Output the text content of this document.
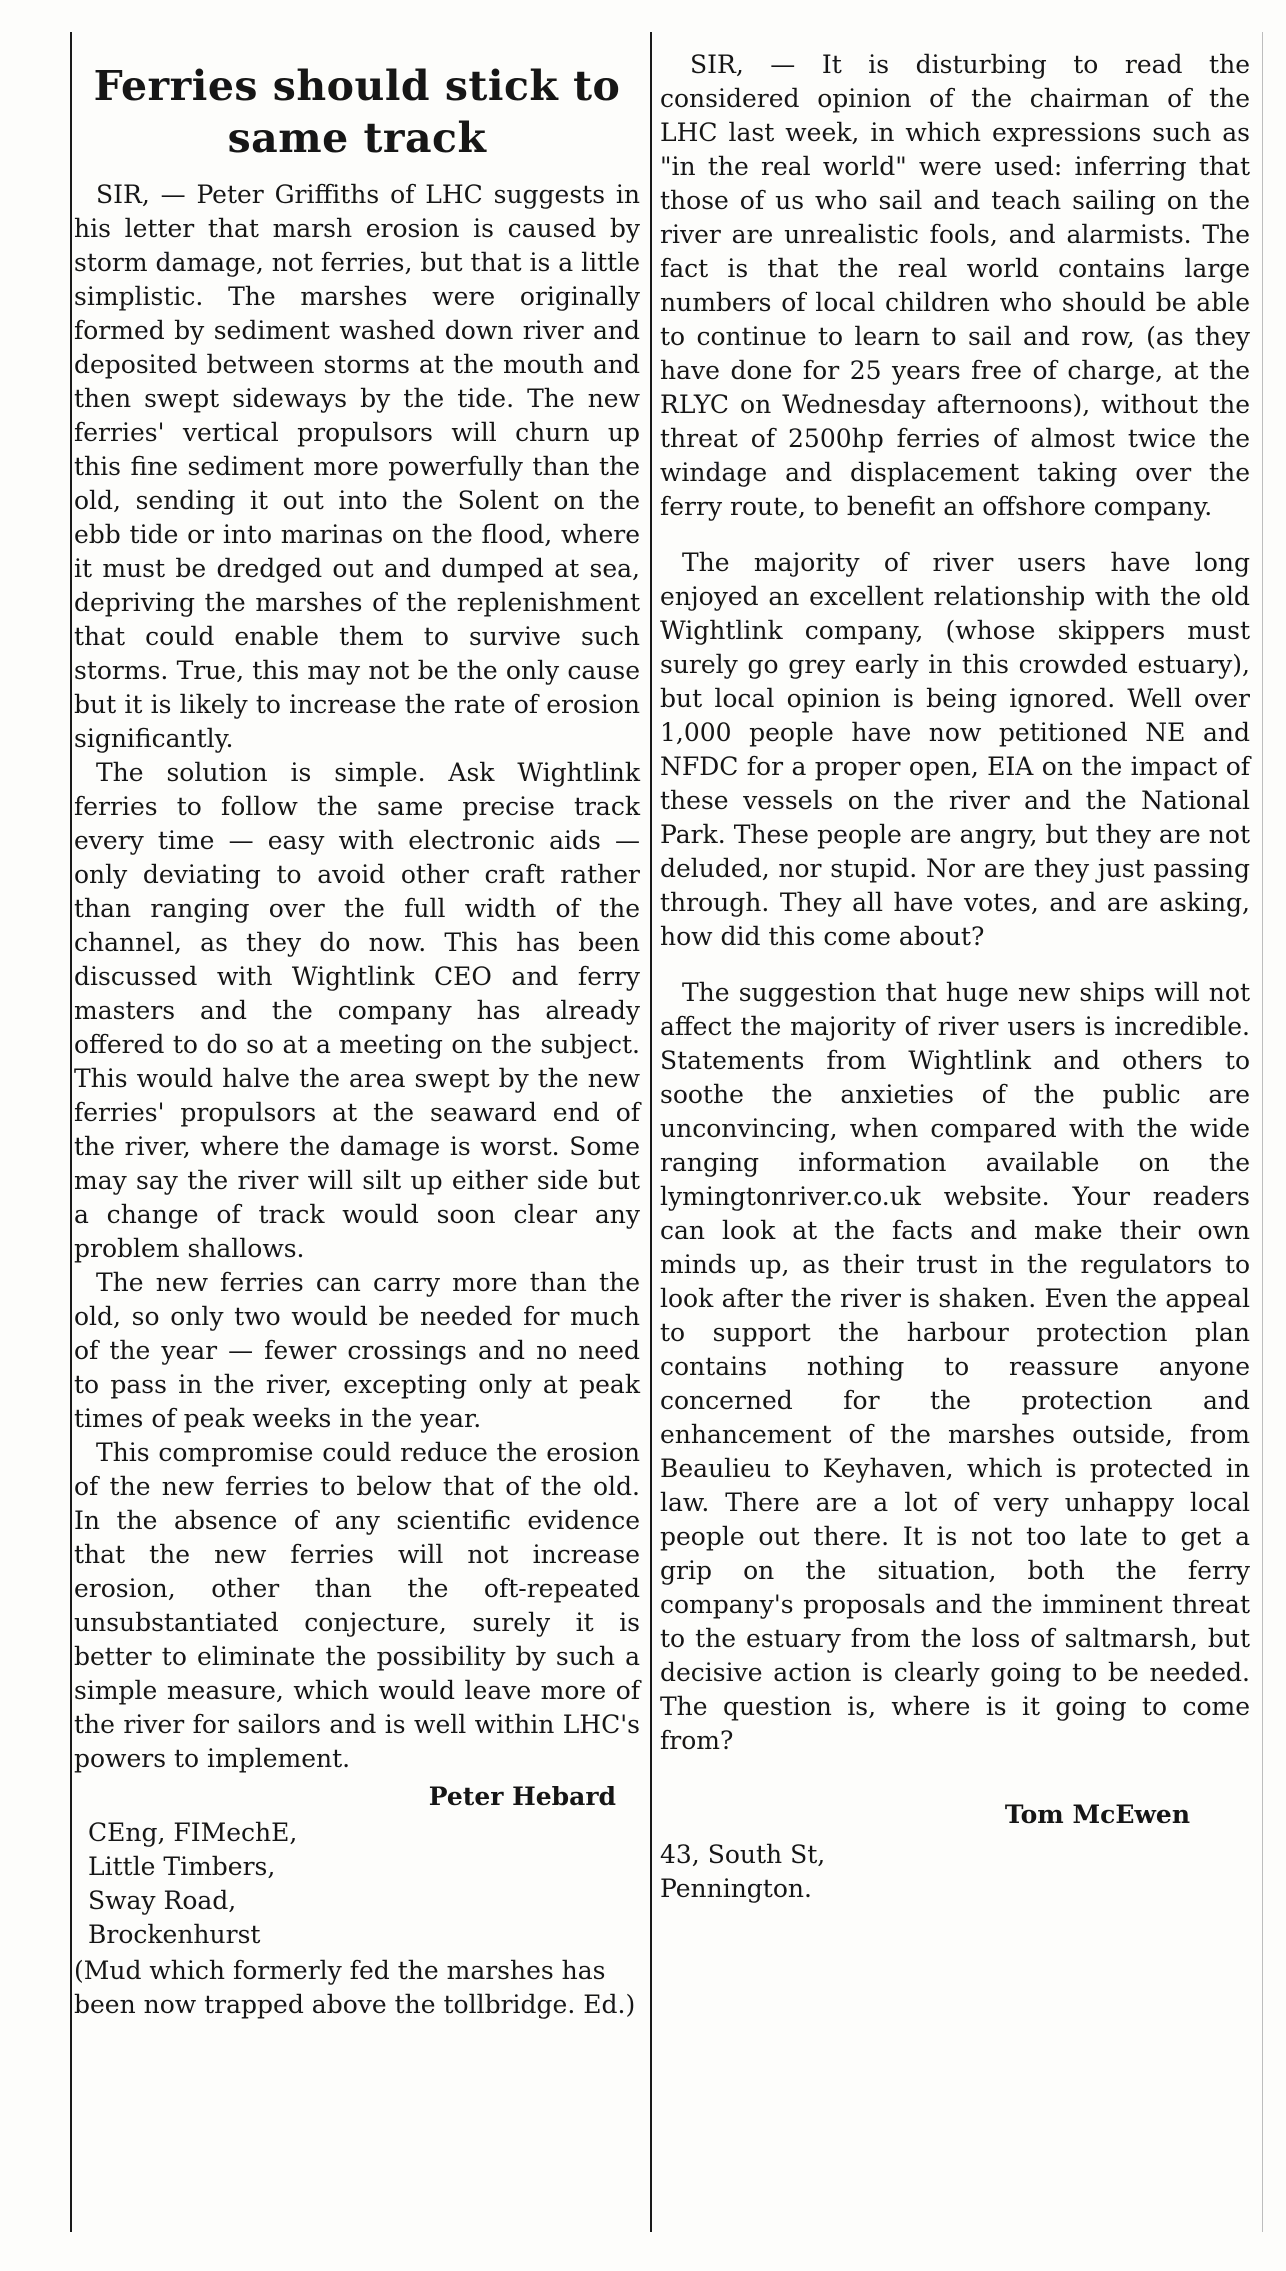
Ferries should stick to same track

SIR, — Peter Griffiths of LHC suggests in his letter that marsh erosion is caused by storm damage, not ferries, but that is a little simplistic. The marshes were originally formed by sediment washed down river and deposited between storms at the mouth and then swept sideways by the tide. The new ferries' vertical propulsors will churn up this fine sediment more powerfully than the old, sending it out into the Solent on the ebb tide or into marinas on the flood, where it must be dredged out and dumped at sea, depriving the marshes of the replenishment that could enable them to survive such storms. True, this may not be the only cause but it is likely to increase the rate of erosion significantly.

The solution is simple. Ask Wightlink ferries to follow the same precise track every time — easy with electronic aids — only deviating to avoid other craft rather than ranging over the full width of the channel, as they do now. This has been discussed with Wightlink CEO and ferry masters and the company has already offered to do so at a meeting on the subject. This would halve the area swept by the new ferries' propulsors at the seaward end of the river, where the damage is worst. Some may say the river will silt up either side but a change of track would soon clear any problem shallows.

The new ferries can carry more than the old, so only two would be needed for much of the year — fewer crossings and no need to pass in the river, excepting only at peak times of peak weeks in the year.

This compromise could reduce the erosion of the new ferries to below that of the old. In the absence of any scientific evidence that the new ferries will not increase erosion, other than the oft-repeated unsubstantiated conjecture, surely it is better to eliminate the possibility by such a simple measure, which would leave more of the river for sailors and is well within LHC's powers to implement.

Peter Hebard
CEng, FIMechE,
Little Timbers,
Sway Road,
Brockenhurst
(Mud which formerly fed the marshes has been now trapped above the tollbridge. Ed.)

SIR, — It is disturbing to read the considered opinion of the chairman of the LHC last week, in which expressions such as "in the real world" were used: inferring that those of us who sail and teach sailing on the river are unrealistic fools, and alarmists. The fact is that the real world contains large numbers of local children who should be able to continue to learn to sail and row, (as they have done for 25 years free of charge, at the RLYC on Wednesday afternoons), without the threat of 2500hp ferries of almost twice the windage and displacement taking over the ferry route, to benefit an offshore company.

The majority of river users have long enjoyed an excellent relationship with the old Wightlink company, (whose skippers must surely go grey early in this crowded estuary), but local opinion is being ignored. Well over 1,000 people have now petitioned NE and NFDC for a proper open, EIA on the impact of these vessels on the river and the National Park. These people are angry, but they are not deluded, nor stupid. Nor are they just passing through. They all have votes, and are asking, how did this come about?

The suggestion that huge new ships will not affect the majority of river users is incredible. Statements from Wightlink and others to soothe the anxieties of the public are unconvincing, when compared with the wide ranging information available on the lymingtonriver.co.uk website. Your readers can look at the facts and make their own minds up, as their trust in the regulators to look after the river is shaken. Even the appeal to support the harbour protection plan contains nothing to reassure anyone concerned for the protection and enhancement of the marshes outside, from Beaulieu to Keyhaven, which is protected in law. There are a lot of very unhappy local people out there. It is not too late to get a grip on the situation, both the ferry company's proposals and the imminent threat to the estuary from the loss of saltmarsh, but decisive action is clearly going to be needed. The question is, where is it going to come from?

Tom McEwen
43, South St,
Pennington.
